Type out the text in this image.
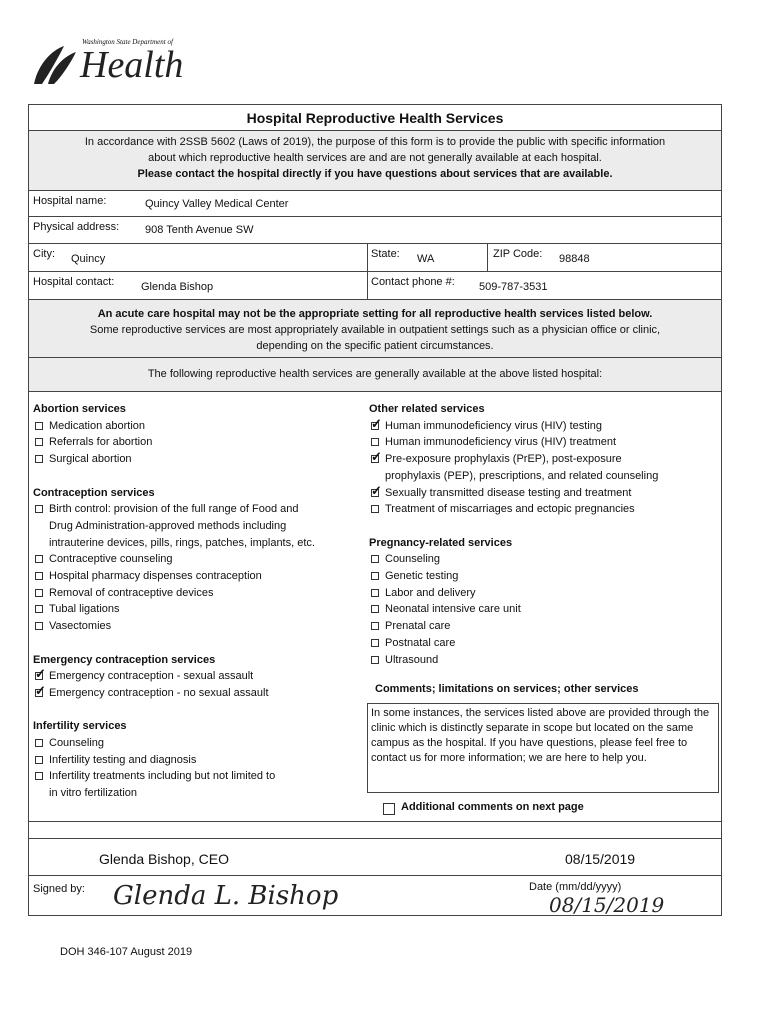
Washington State Department of
Health
Hospital Reproductive Health Services
In accordance with 2SSB 5602 (Laws of 2019), the purpose of this form is to provide the public with specific information
about which reproductive health services are and are not generally available at each hospital.
Please contact the hospital directly if you have questions about services that are available.
Hospital name:	Quincy Valley Medical Center
Physical address: 908 Tenth Avenue SW
City: Quincy	State: WA	ZIP Code: 98848
Hospital contact: Glenda Bishop	Contact phone #: 509-787-3531
An acute care hospital may not be the appropriate setting for all reproductive health services listed below.
Some reproductive services are most appropriately available in outpatient settings such as a physician office or clinic,
depending on the specific patient circumstances.
The following reproductive health services are generally available at the above listed hospital:
Abortion services
Medication abortion
Referrals for abortion
Surgical abortion
Contraception services
Birth control: provision of the full range of Food and
Drug Administration-approved methods including
intrauterine devices, pills, rings, patches, implants, etc.
Contraceptive counseling
Hospital pharmacy dispenses contraception
Removal of contraceptive devices
Tubal ligations
Vasectomies
Emergency contraception services
✓
Emergency contraception - sexual assault
✓
Emergency contraception - no sexual assault
Infertility services
Counseling
Infertility testing and diagnosis
Infertility treatments including but not limited to
in vitro fertilization
Other related services
✓
Human immunodeficiency virus (HIV) testing
Human immunodeficiency virus (HIV) treatment
✓
Pre-exposure prophylaxis (PrEP), post-exposure
prophylaxis (PEP), prescriptions, and related counseling
✓
Sexually transmitted disease testing and treatment
Treatment of miscarriages and ectopic pregnancies
Pregnancy-related services
Counseling
Genetic testing
Labor and delivery
Neonatal intensive care unit
Prenatal care
Postnatal care
Ultrasound
Comments; limitations on services; other services
In some instances, the services listed above are provided through the clinic which is distinctly separate in scope but located on the same campus as the hospital. If you have questions, please feel free to contact us for more information; we are here to help you.
Additional comments on next page
Glenda Bishop, CEO	08/15/2019
Signed by: Glenda L. Bishop	Date (mm/dd/yyyy)
08/15/2019
DOH 346-107 August 2019
